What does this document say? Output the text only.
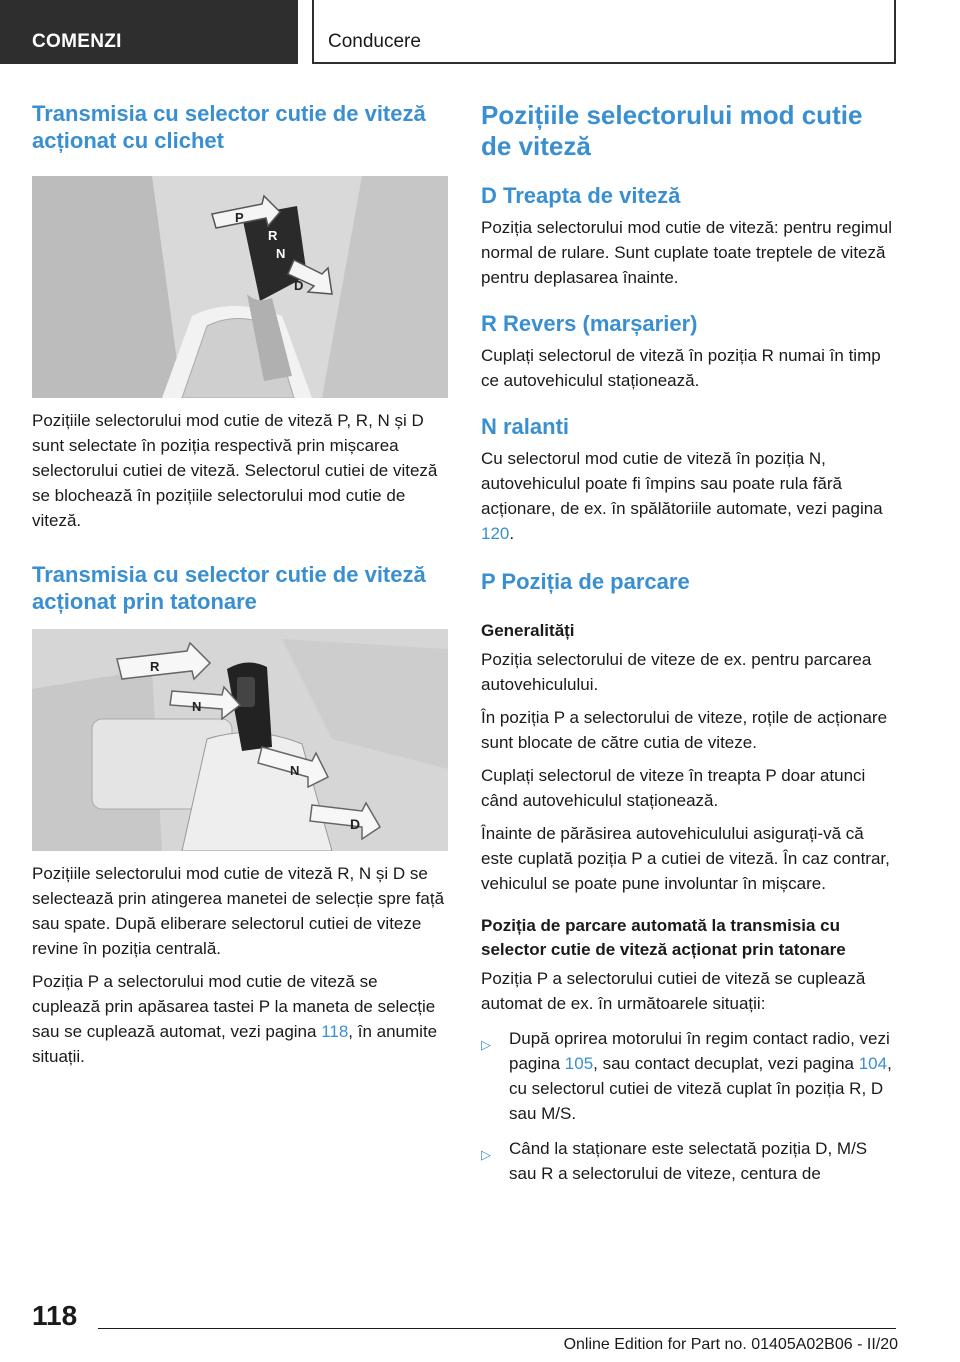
COMENZI	Conducere
Transmisia cu selector cutie de viteză acționat cu clichet
P
R
N
D

Pozițiile selectorului mod cutie de viteză P, R, N și D sunt selectate în poziția respectivă prin mișcarea selectorului cutiei de viteză. Selectorul cutiei de viteză se blochează în pozițiile selectorului mod cutie de viteză.

Transmisia cu selector cutie de viteză acționat prin tatonare
R
N
N
D

Pozițiile selectorului mod cutie de viteză R, N și D se selectează prin atingerea manetei de selecție spre față sau spate. După eliberare selectorul cutiei de viteze revine în poziția centrală.

Poziția P a selectorului mod cutie de viteză se cuplează prin apăsarea tastei P la maneta de selecție sau se cuplează automat, vezi pagina 118, în anumite situații.

Pozițiile selectorului mod cutie de viteză
D Treapta de viteză

Poziția selectorului mod cutie de viteză: pentru regimul normal de rulare. Sunt cuplate toate treptele de viteză pentru deplasarea înainte.

R Revers (marșarier)

Cuplați selectorul de viteză în poziția R numai în timp ce autovehiculul staționează.

N ralanti

Cu selectorul mod cutie de viteză în poziția N, autovehiculul poate fi împins sau poate rula fără acționare, de ex. în spălătoriile automate, vezi pagina 120.

P Poziția de parcare
Generalități

Poziția selectorului de viteze de ex. pentru parcarea autovehiculului.

În poziția P a selectorului de viteze, roțile de acționare sunt blocate de către cutia de viteze.

Cuplați selectorul de viteze în treapta P doar atunci când autovehiculul staționează.

Înainte de părăsirea autovehiculului asigurați-vă că este cuplată poziția P a cutiei de viteză. În caz contrar, vehiculul se poate pune involuntar în mișcare.

Poziția de parcare automată la transmisia cu selector cutie de viteză acționat prin tatonare

Poziția P a selectorului cutiei de viteză se cuplează automat de ex. în următoarele situații:

▷ După oprirea motorului în regim contact radio, vezi pagina 105, sau contact decuplat, vezi pagina 104, cu selectorul cutiei de viteză cuplat în poziția R, D sau M/S.
▷ Când la staționare este selectată poziția D, M/S sau R a selectorului de viteze, centura de
118
Online Edition for Part no. 01405A02B06 - II/20
